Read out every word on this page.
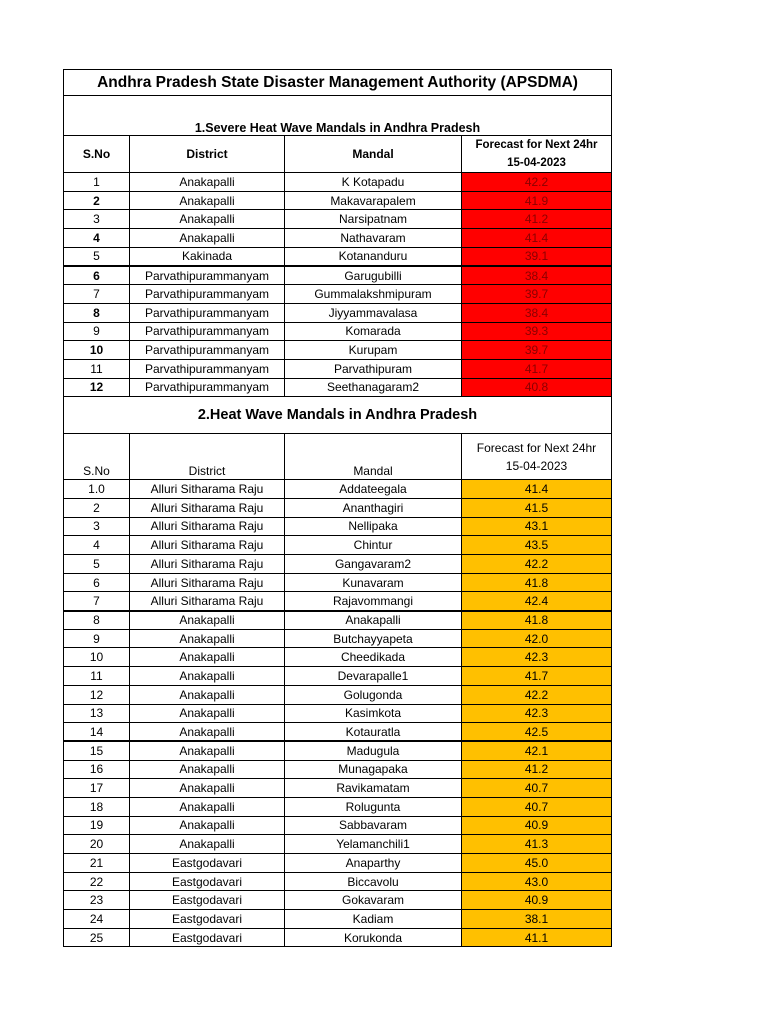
Andhra Pradesh State Disaster Management Authority (APSDMA)			

1.Severe Heat Wave Mandals in Andhra Pradesh			
S.No	District	Mandal	Forecast for Next 24hr
15-04-2023
1	Anakapalli	K Kotapadu	42.2
2	Anakapalli	Makavarapalem	41.9
3	Anakapalli	Narsipatnam	41.2
4	Anakapalli	Nathavaram	41.4
5	Kakinada	Kotananduru	39.1
6	Parvathipurammanyam	Garugubilli	38.4
7	Parvathipurammanyam	Gummalakshmipuram	39.7
8	Parvathipurammanyam	Jiyyammavalasa	38.4
9	Parvathipurammanyam	Komarada	39.3
10	Parvathipurammanyam	Kurupam	39.7
11	Parvathipurammanyam	Parvathipuram	41.7
12	Parvathipurammanyam	Seethanagaram2	40.8
2.Heat Wave Mandals in Andhra Pradesh			
S.No	District	Mandal	Forecast for Next 24hr
15-04-2023
1.0	Alluri Sitharama Raju	Addateegala	41.4
2	Alluri Sitharama Raju	Ananthagiri	41.5
3	Alluri Sitharama Raju	Nellipaka	43.1
4	Alluri Sitharama Raju	Chintur	43.5
5	Alluri Sitharama Raju	Gangavaram2	42.2
6	Alluri Sitharama Raju	Kunavaram	41.8
7	Alluri Sitharama Raju	Rajavommangi	42.4
8	Anakapalli	Anakapalli	41.8
9	Anakapalli	Butchayyapeta	42.0
10	Anakapalli	Cheedikada	42.3
11	Anakapalli	Devarapalle1	41.7
12	Anakapalli	Golugonda	42.2
13	Anakapalli	Kasimkota	42.3
14	Anakapalli	Kotauratla	42.5
15	Anakapalli	Madugula	42.1
16	Anakapalli	Munagapaka	41.2
17	Anakapalli	Ravikamatam	40.7
18	Anakapalli	Rolugunta	40.7
19	Anakapalli	Sabbavaram	40.9
20	Anakapalli	Yelamanchili1	41.3
21	Eastgodavari	Anaparthy	45.0
22	Eastgodavari	Biccavolu	43.0
23	Eastgodavari	Gokavaram	40.9
24	Eastgodavari	Kadiam	38.1
25	Eastgodavari	Korukonda	41.1
